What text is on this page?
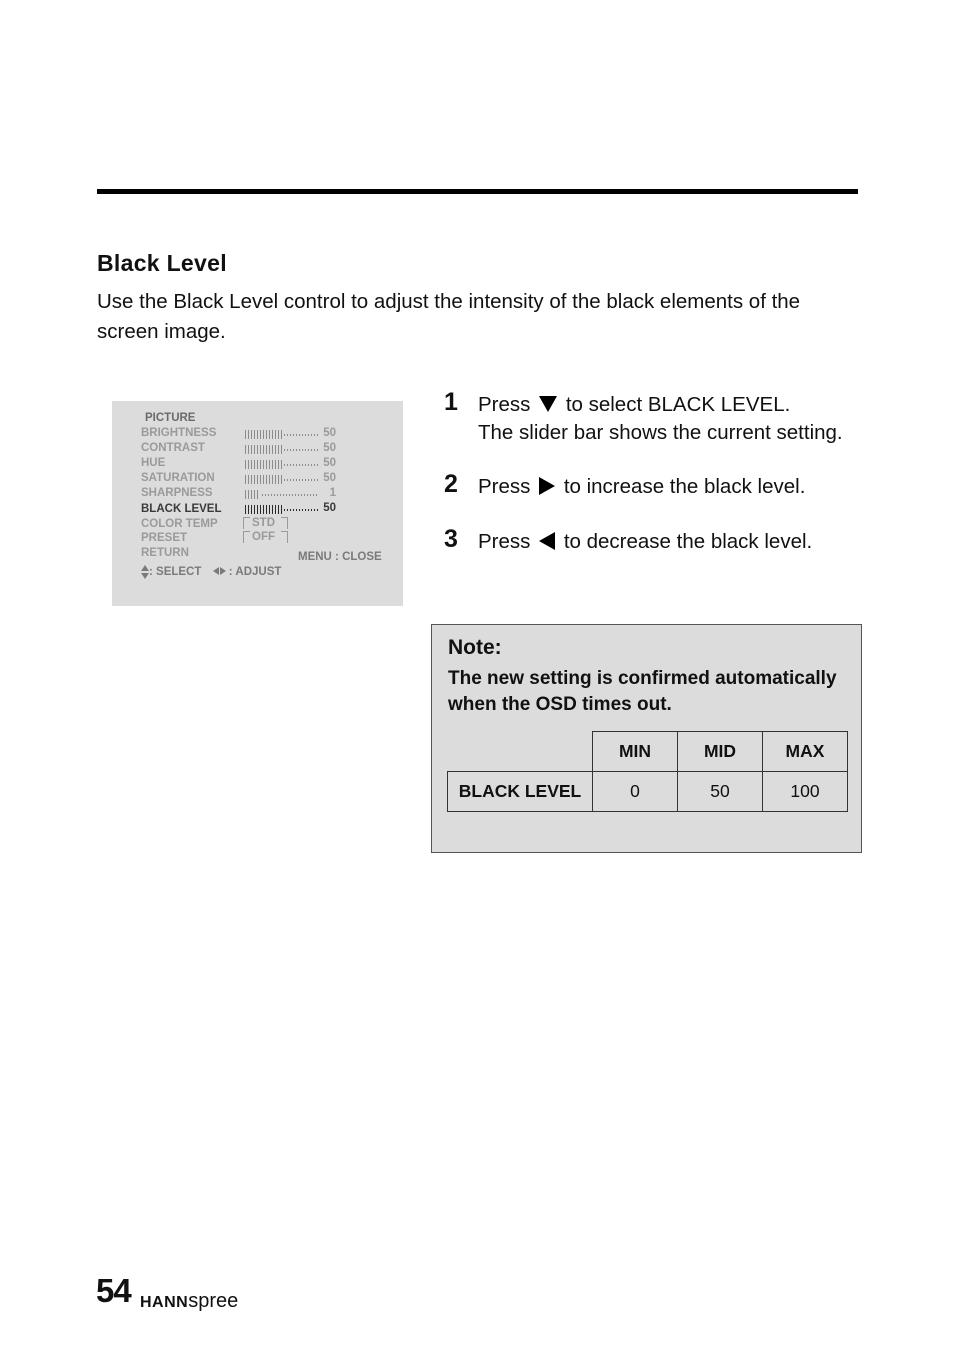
Black Level
Use the Black Level control to adjust the intensity of the black elements of the screen image.
PICTURE
BRIGHTNESS	50
CONTRAST	50
HUE	50
SATURATION	50
SHARPNESS	1
BLACK LEVEL	50
COLOR TEMP	STD
PRESET	OFF
RETURN	MENU : CLOSE
: SELECT : ADJUST
1 Press to select BLACK LEVEL.
The slider bar shows the current setting.
2 Press to increase the black level.
3 Press to decrease the black level.
Note:
The new setting is confirmed automatically when the OSD times out.
	MIN	MID	MAX
BLACK LEVEL	0	50	100
54 HANNspree
